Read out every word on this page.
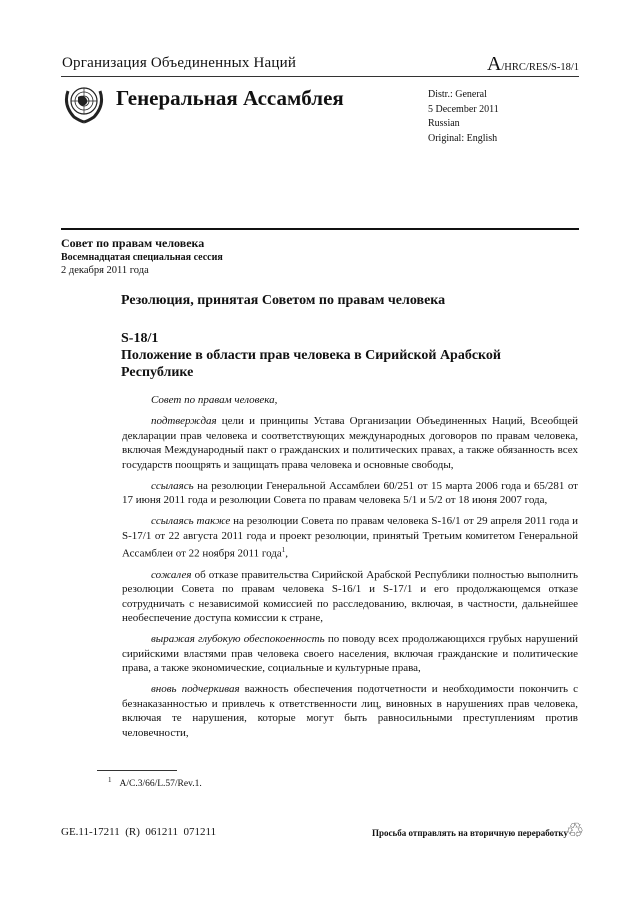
Организация Объединенных Наций	A/HRC/RES/S-18/1
Генеральная Ассамблея	Distr.: General
5 December 2011
Russian
Original: English
Совет по правам человека
Восемнадцатая специальная сессия
2 декабря 2011 года
Резолюция, принятая Советом по правам человека
S-18/1
Положение в области прав человека в Сирийской Арабской Республике

Совет по правам человека,

подтверждая цели и принципы Устава Организации Объединенных Наций, Всеобщей декларации прав человека и соответствующих международных договоров по правам человека, включая Международный пакт о гражданских и политических правах, а также обязанность всех государств поощрять и защищать права человека и основные свободы,

ссылаясь на резолюции Генеральной Ассамблеи 60/251 от 15 марта 2006 года и 65/281 от 17 июня 2011 года и резолюции Совета по правам человека 5/1 и 5/2 от 18 июня 2007 года,

ссылаясь также на резолюции Совета по правам человека S-16/1 от 29 апреля 2011 года и S-17/1 от 22 августа 2011 года и проект резолюции, принятый Третьим комитетом Генеральной Ассамблеи от 22 ноября 2011 года$^1$,

сожалея об отказе правительства Сирийской Арабской Республики полностью выполнить резолюции Совета по правам человека S-16/1 и S-17/1 и его продолжающемся отказе сотрудничать с независимой комиссией по расследованию, включая, в частности, дальнейшее необеспечение доступа комиссии к стране,

выражая глубокую обеспокоенность по поводу всех продолжающихся грубых нарушений сирийскими властями прав человека своего населения, включая гражданские и политические права, а также экономические, социальные и культурные права,

вновь подчеркивая важность обеспечения подотчетности и необходимости покончить с безнаказанностью и привлечь к ответственности лиц, виновных в нарушениях прав человека, включая те нарушения, которые могут быть равносильными преступлениям против человечности,

$^1$ A/C.3/66/L.57/Rev.1.
GE.11-17211  (R)  061211  071211	Просьба отправлять на вторичную переработку
♲
